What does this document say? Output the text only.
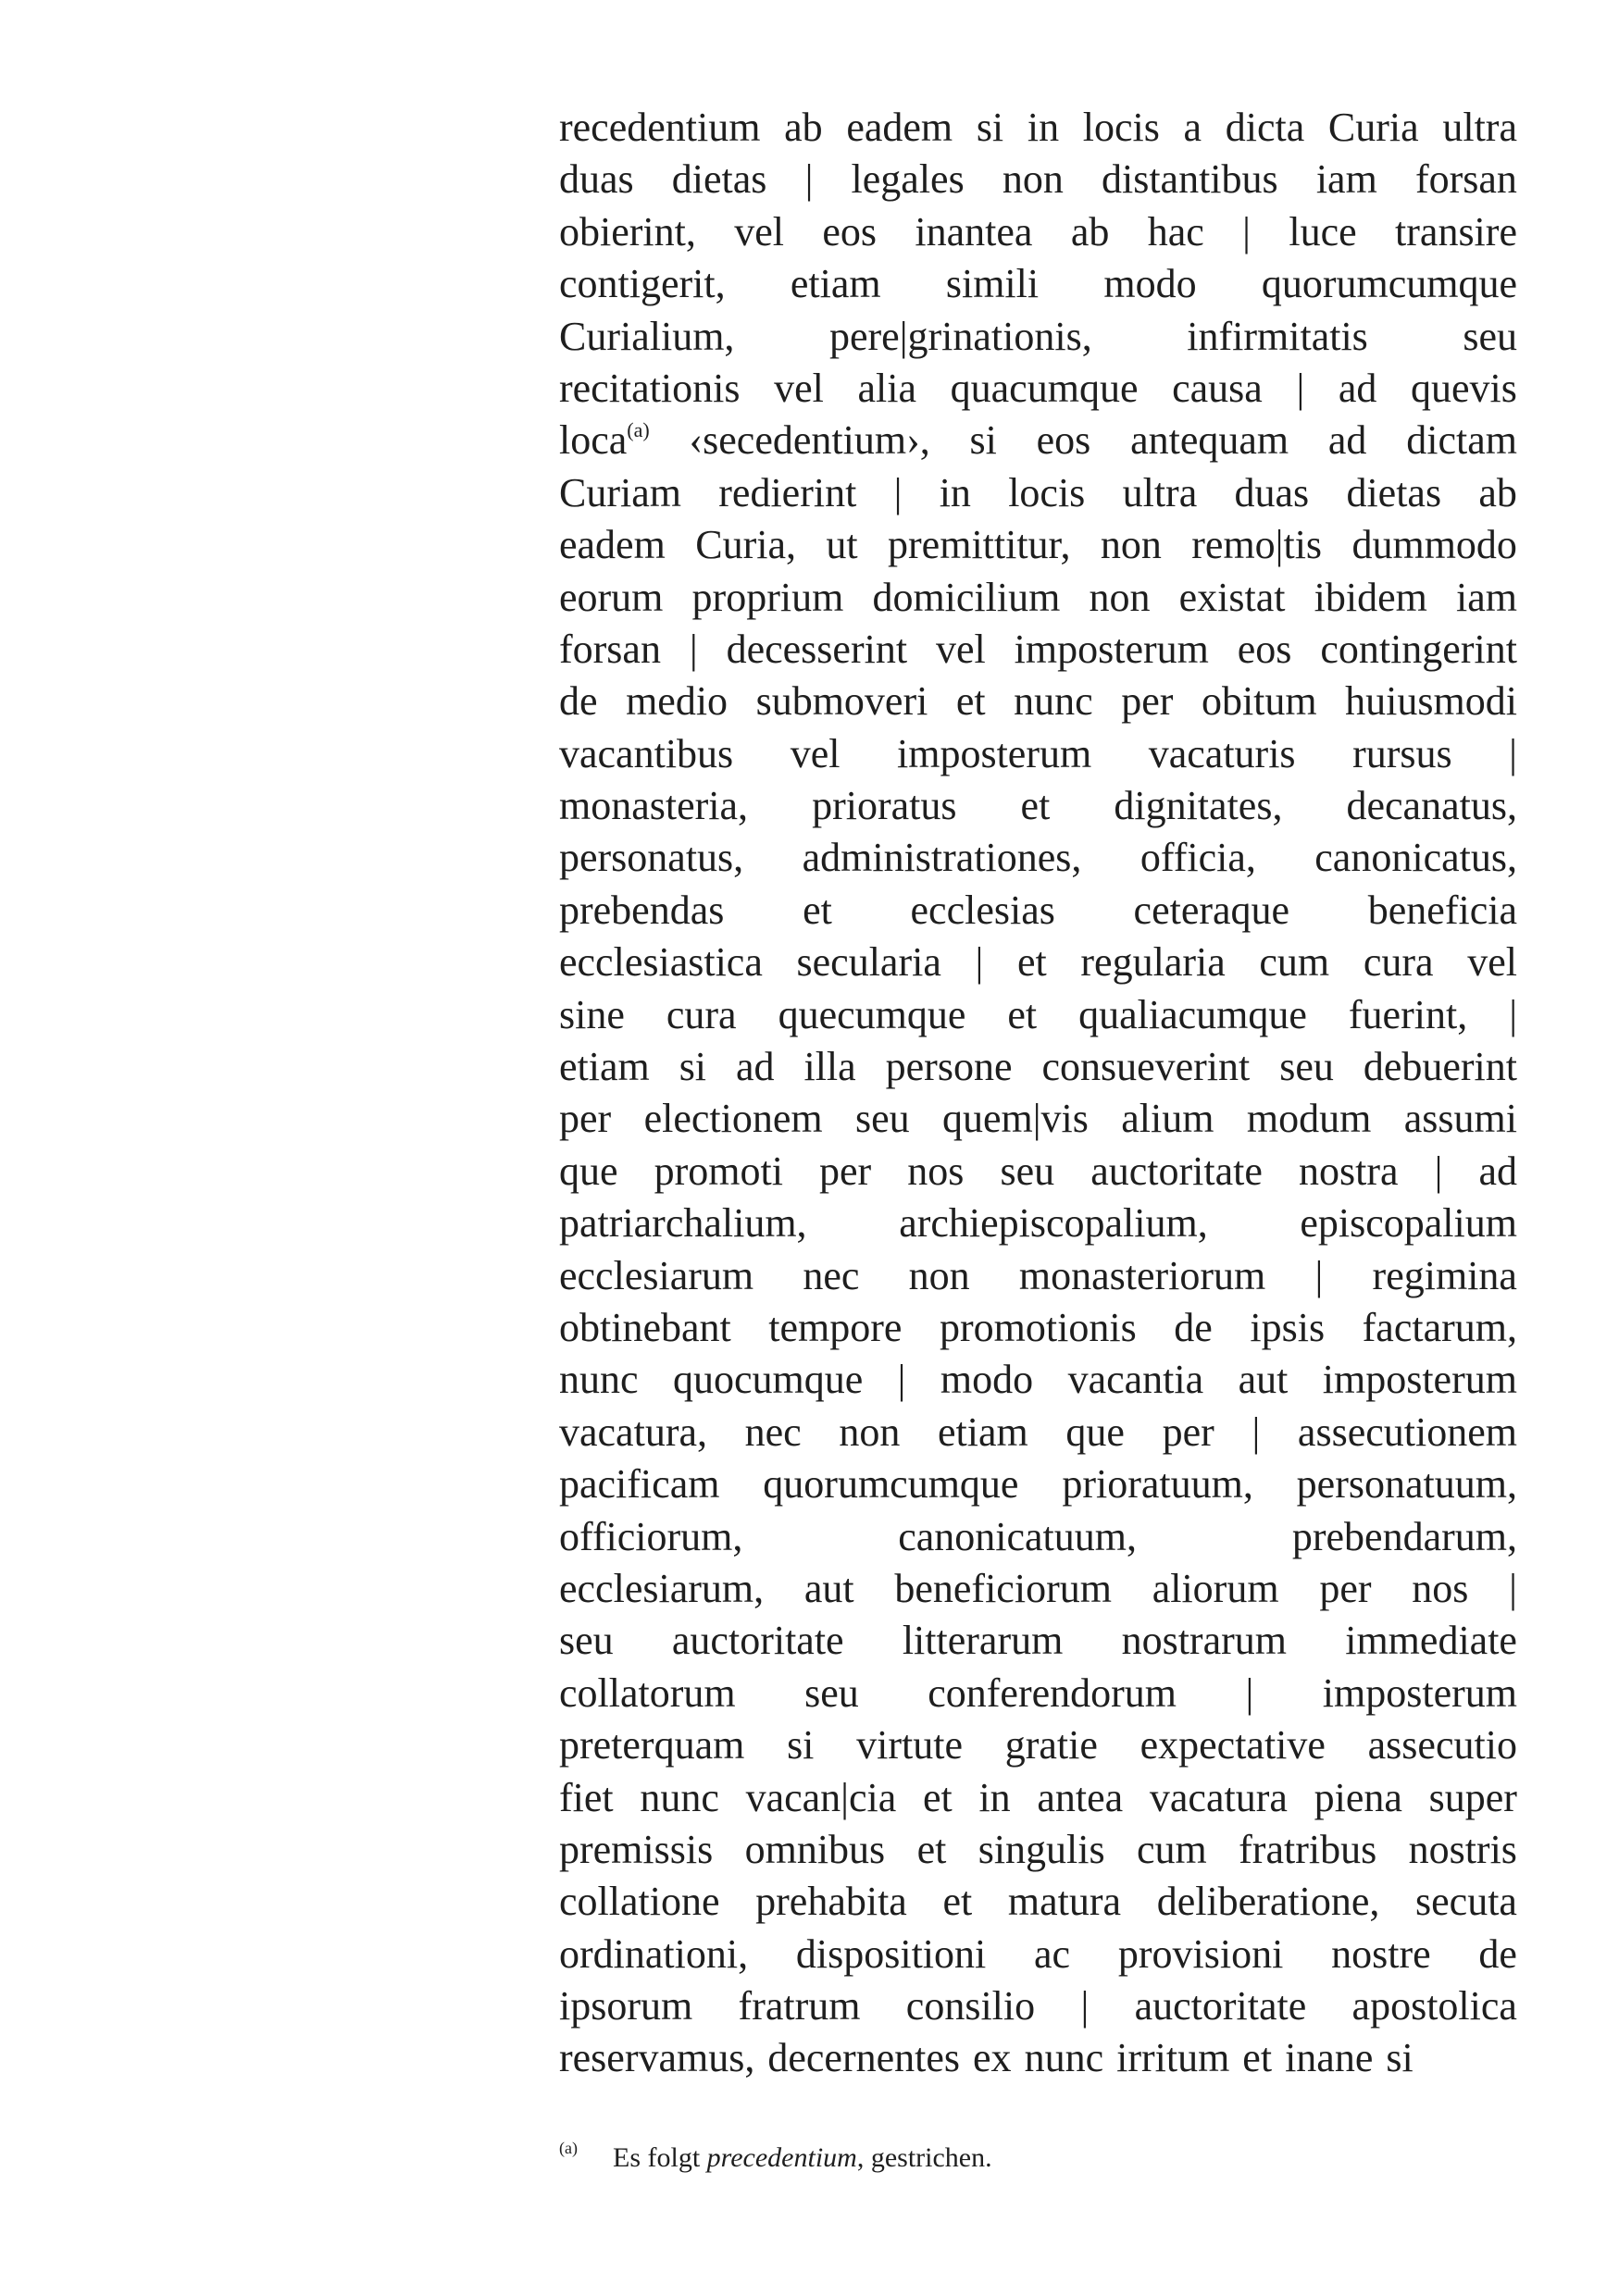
recedentium ab eadem si in locis a dicta Curia ultra
duas dietas | legales non distantibus iam forsan
obierint, vel eos inantea ab hac | luce transire
contigerit, etiam simili modo quorumcumque
Curialium, pere|grinationis, infirmitatis seu
recitationis vel alia quacumque causa | ad quevis
loca$^{(a)}$ ‹secedentium›, si eos antequam ad dictam
Curiam redierint | in locis ultra duas dietas ab
eadem Curia, ut premittitur, non remo|tis dummodo
eorum proprium domicilium non existat ibidem iam
forsan | decesserint vel imposterum eos contingerint
de medio submoveri et nunc per obitum huiusmodi
vacantibus vel imposterum vacaturis rursus |
monasteria, prioratus et dignitates, decanatus,
personatus, administrationes, officia, canonicatus,
prebendas et ecclesias ceteraque beneficia
ecclesiastica secularia | et regularia cum cura vel
sine cura quecumque et qualiacumque fuerint, |
etiam si ad illa persone consueverint seu debuerint
per electionem seu quem|vis alium modum assumi
que promoti per nos seu auctoritate nostra | ad
patriarchalium, archiepiscopalium, episcopalium
ecclesiarum nec non monasteriorum | regimina
obtinebant tempore promotionis de ipsis factarum,
nunc quocumque | modo vacantia aut imposterum
vacatura, nec non etiam que per | assecutionem
pacificam quorumcumque prioratuum, personatuum,
officiorum,	canonicatuum,	prebendarum,
ecclesiarum, aut beneficiorum aliorum per nos |
seu auctoritate litterarum nostrarum immediate
collatorum seu conferendorum | imposterum
preterquam si virtute gratie expectative assecutio
fiet nunc vacan|cia et in antea vacatura piena super
premissis omnibus et singulis cum fratribus nostris
collatione prehabita et matura deliberatione, secuta
ordinationi, dispositioni ac provisioni nostre de
ipsorum fratrum consilio | auctoritate apostolica
reservamus, decernentes ex nunc irritum et inane si
(a) Es folgt precedentium, gestrichen.
